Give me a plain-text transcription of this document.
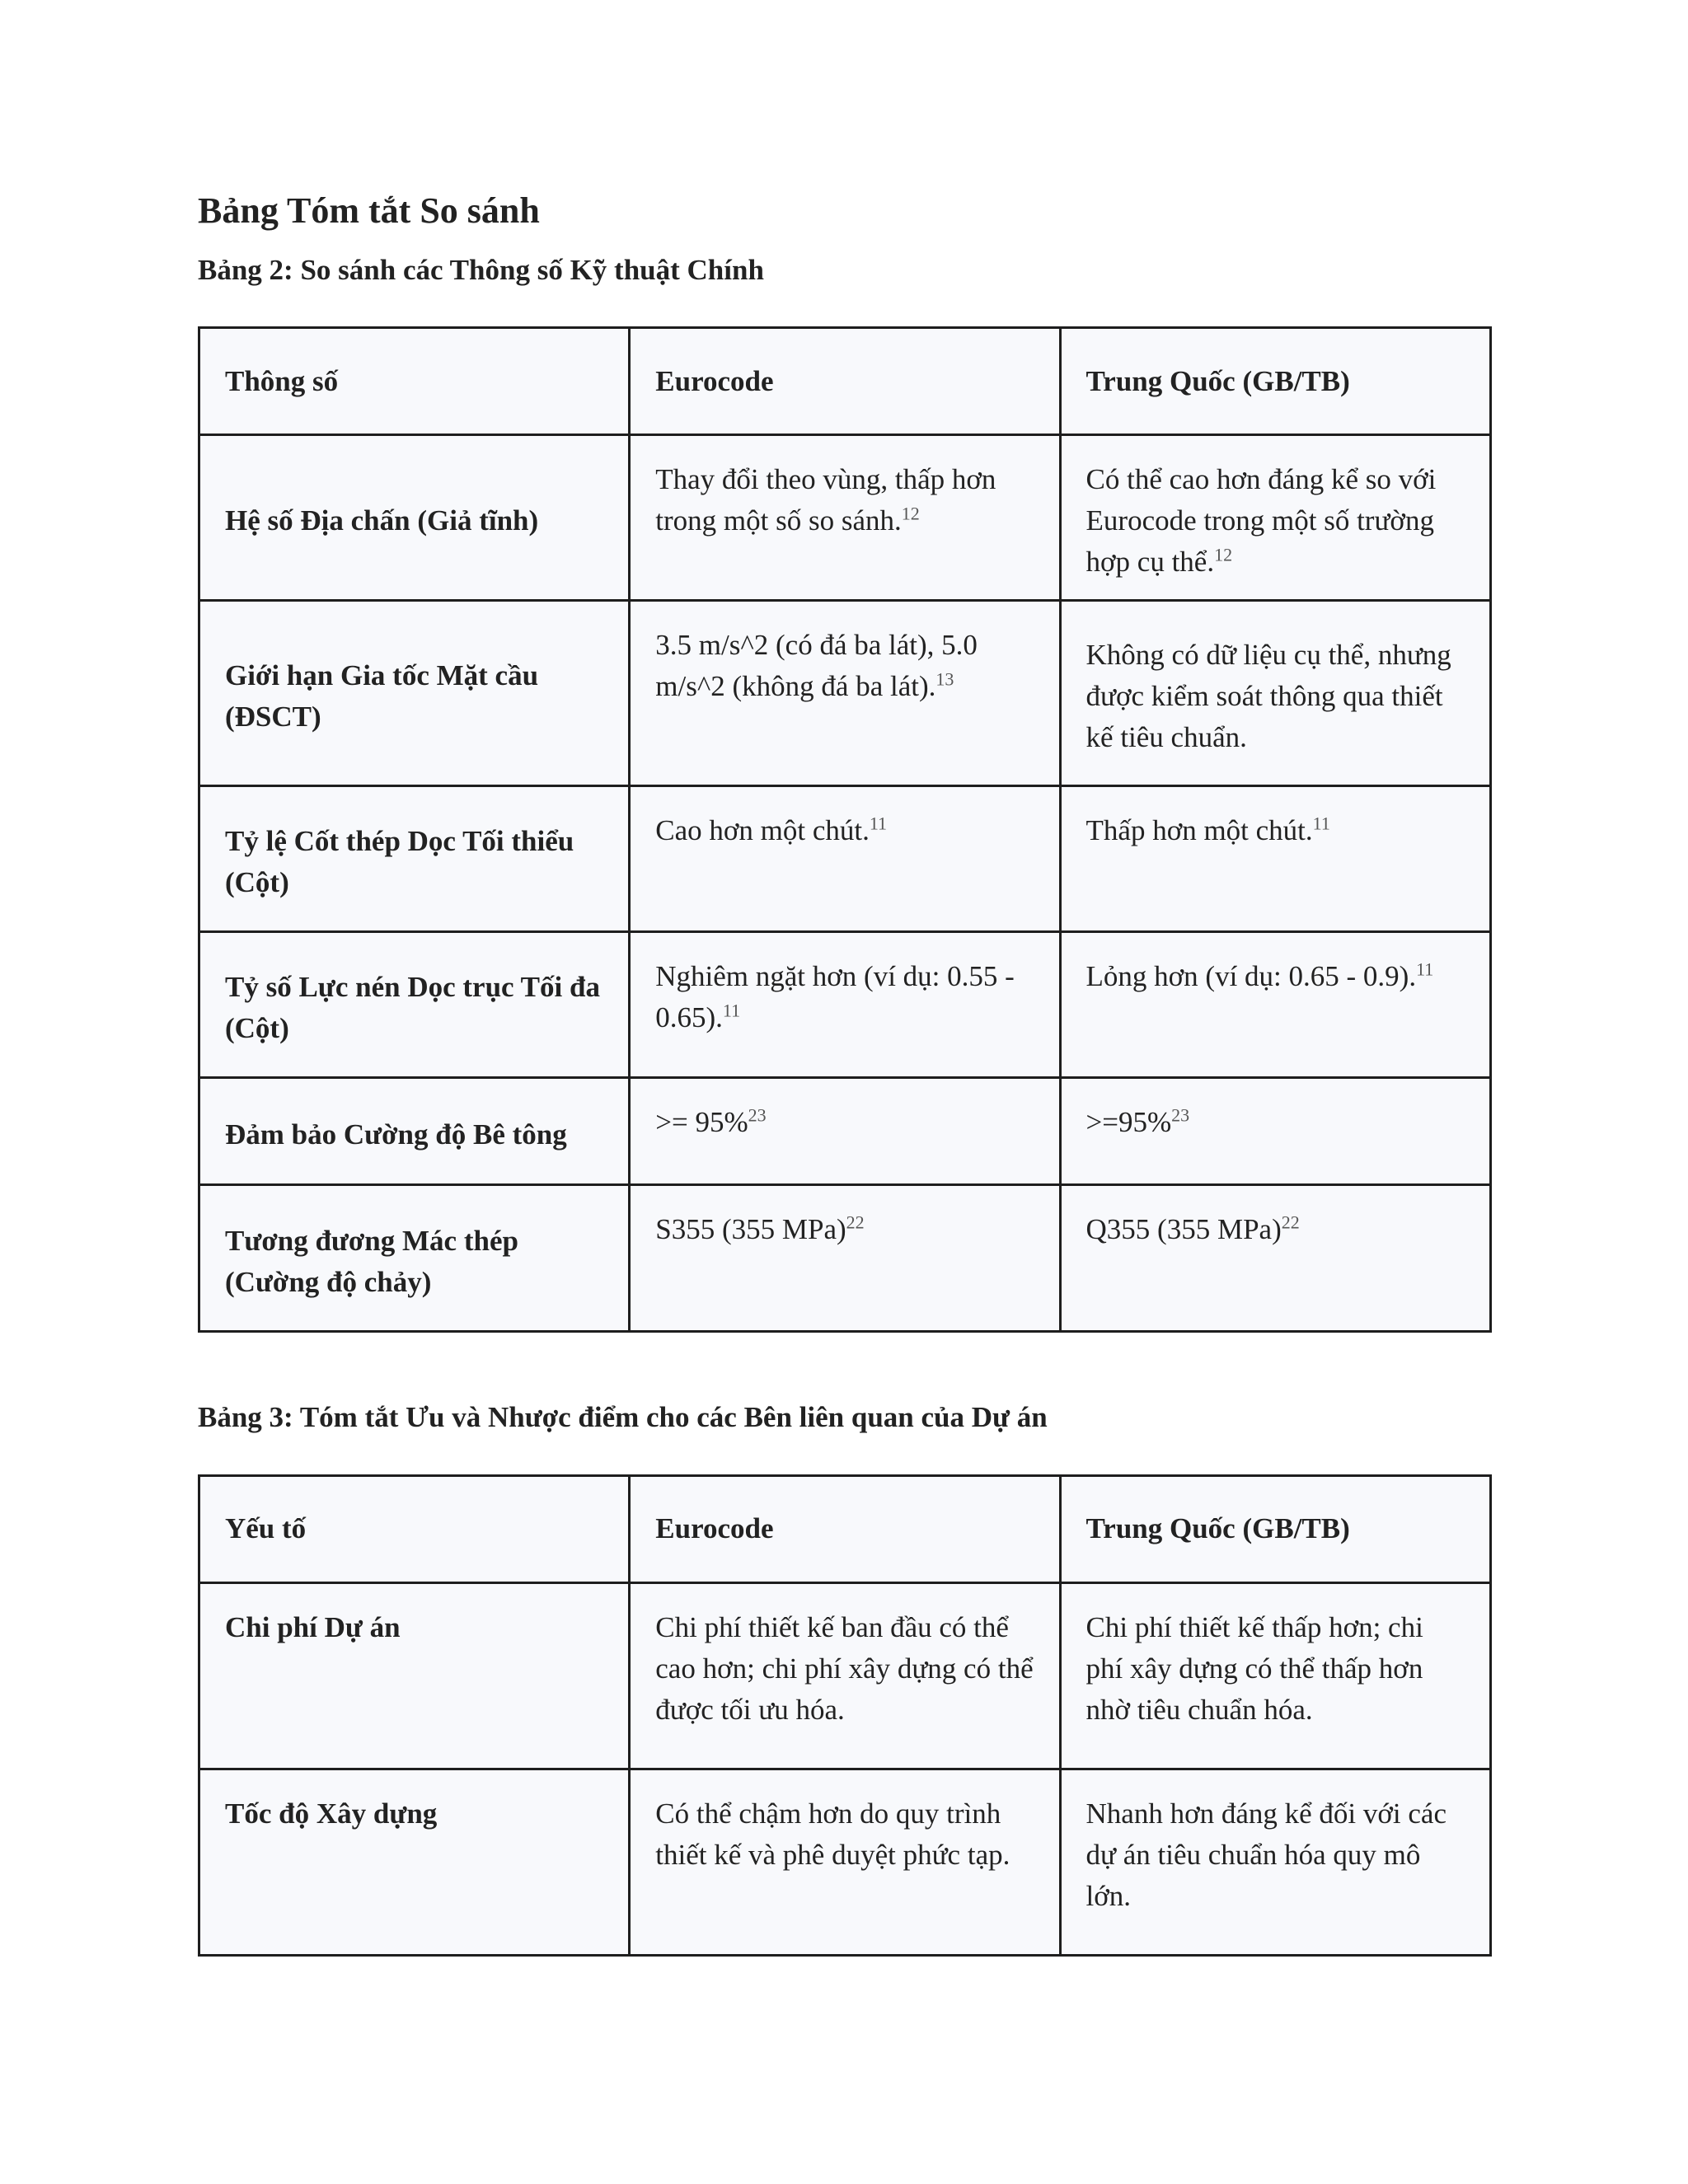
Bảng Tóm tắt So sánh
Bảng 2: So sánh các Thông số Kỹ thuật Chính
Thông số	Eurocode	Trung Quốc (GB/TB)
Hệ số Địa chấn (Giả tĩnh)	Thay đổi theo vùng, thấp hơn trong một số so sánh.$^{12}$	Có thể cao hơn đáng kể so với Eurocode trong một số trường hợp cụ thể.$^{12}$
Giới hạn Gia tốc Mặt cầu (ĐSCT)	3.5 m/s^2 (có đá ba lát), 5.0 m/s^2 (không đá ba lát).$^{13}$	Không có dữ liệu cụ thể, nhưng được kiểm soát thông qua thiết kế tiêu chuẩn.
Tỷ lệ Cốt thép Dọc Tối thiểu (Cột)	Cao hơn một chút.$^{11}$	Thấp hơn một chút.$^{11}$
Tỷ số Lực nén Dọc trục Tối đa (Cột)	Nghiêm ngặt hơn (ví dụ: 0.55 - 0.65).$^{11}$	Lỏng hơn (ví dụ: 0.65 - 0.9).$^{11}$
Đảm bảo Cường độ Bê tông	>= 95%$^{23}$	>=95%$^{23}$
Tương đương Mác thép (Cường độ chảy)	S355 (355 MPa)$^{22}$	Q355 (355 MPa)$^{22}$
Bảng 3: Tóm tắt Ưu và Nhược điểm cho các Bên liên quan của Dự án
Yếu tố	Eurocode	Trung Quốc (GB/TB)
Chi phí Dự án	Chi phí thiết kế ban đầu có thể cao hơn; chi phí xây dựng có thể được tối ưu hóa.	Chi phí thiết kế thấp hơn; chi phí xây dựng có thể thấp hơn nhờ tiêu chuẩn hóa.
Tốc độ Xây dựng	Có thể chậm hơn do quy trình thiết kế và phê duyệt phức tạp.	Nhanh hơn đáng kể đối với các dự án tiêu chuẩn hóa quy mô lớn.
